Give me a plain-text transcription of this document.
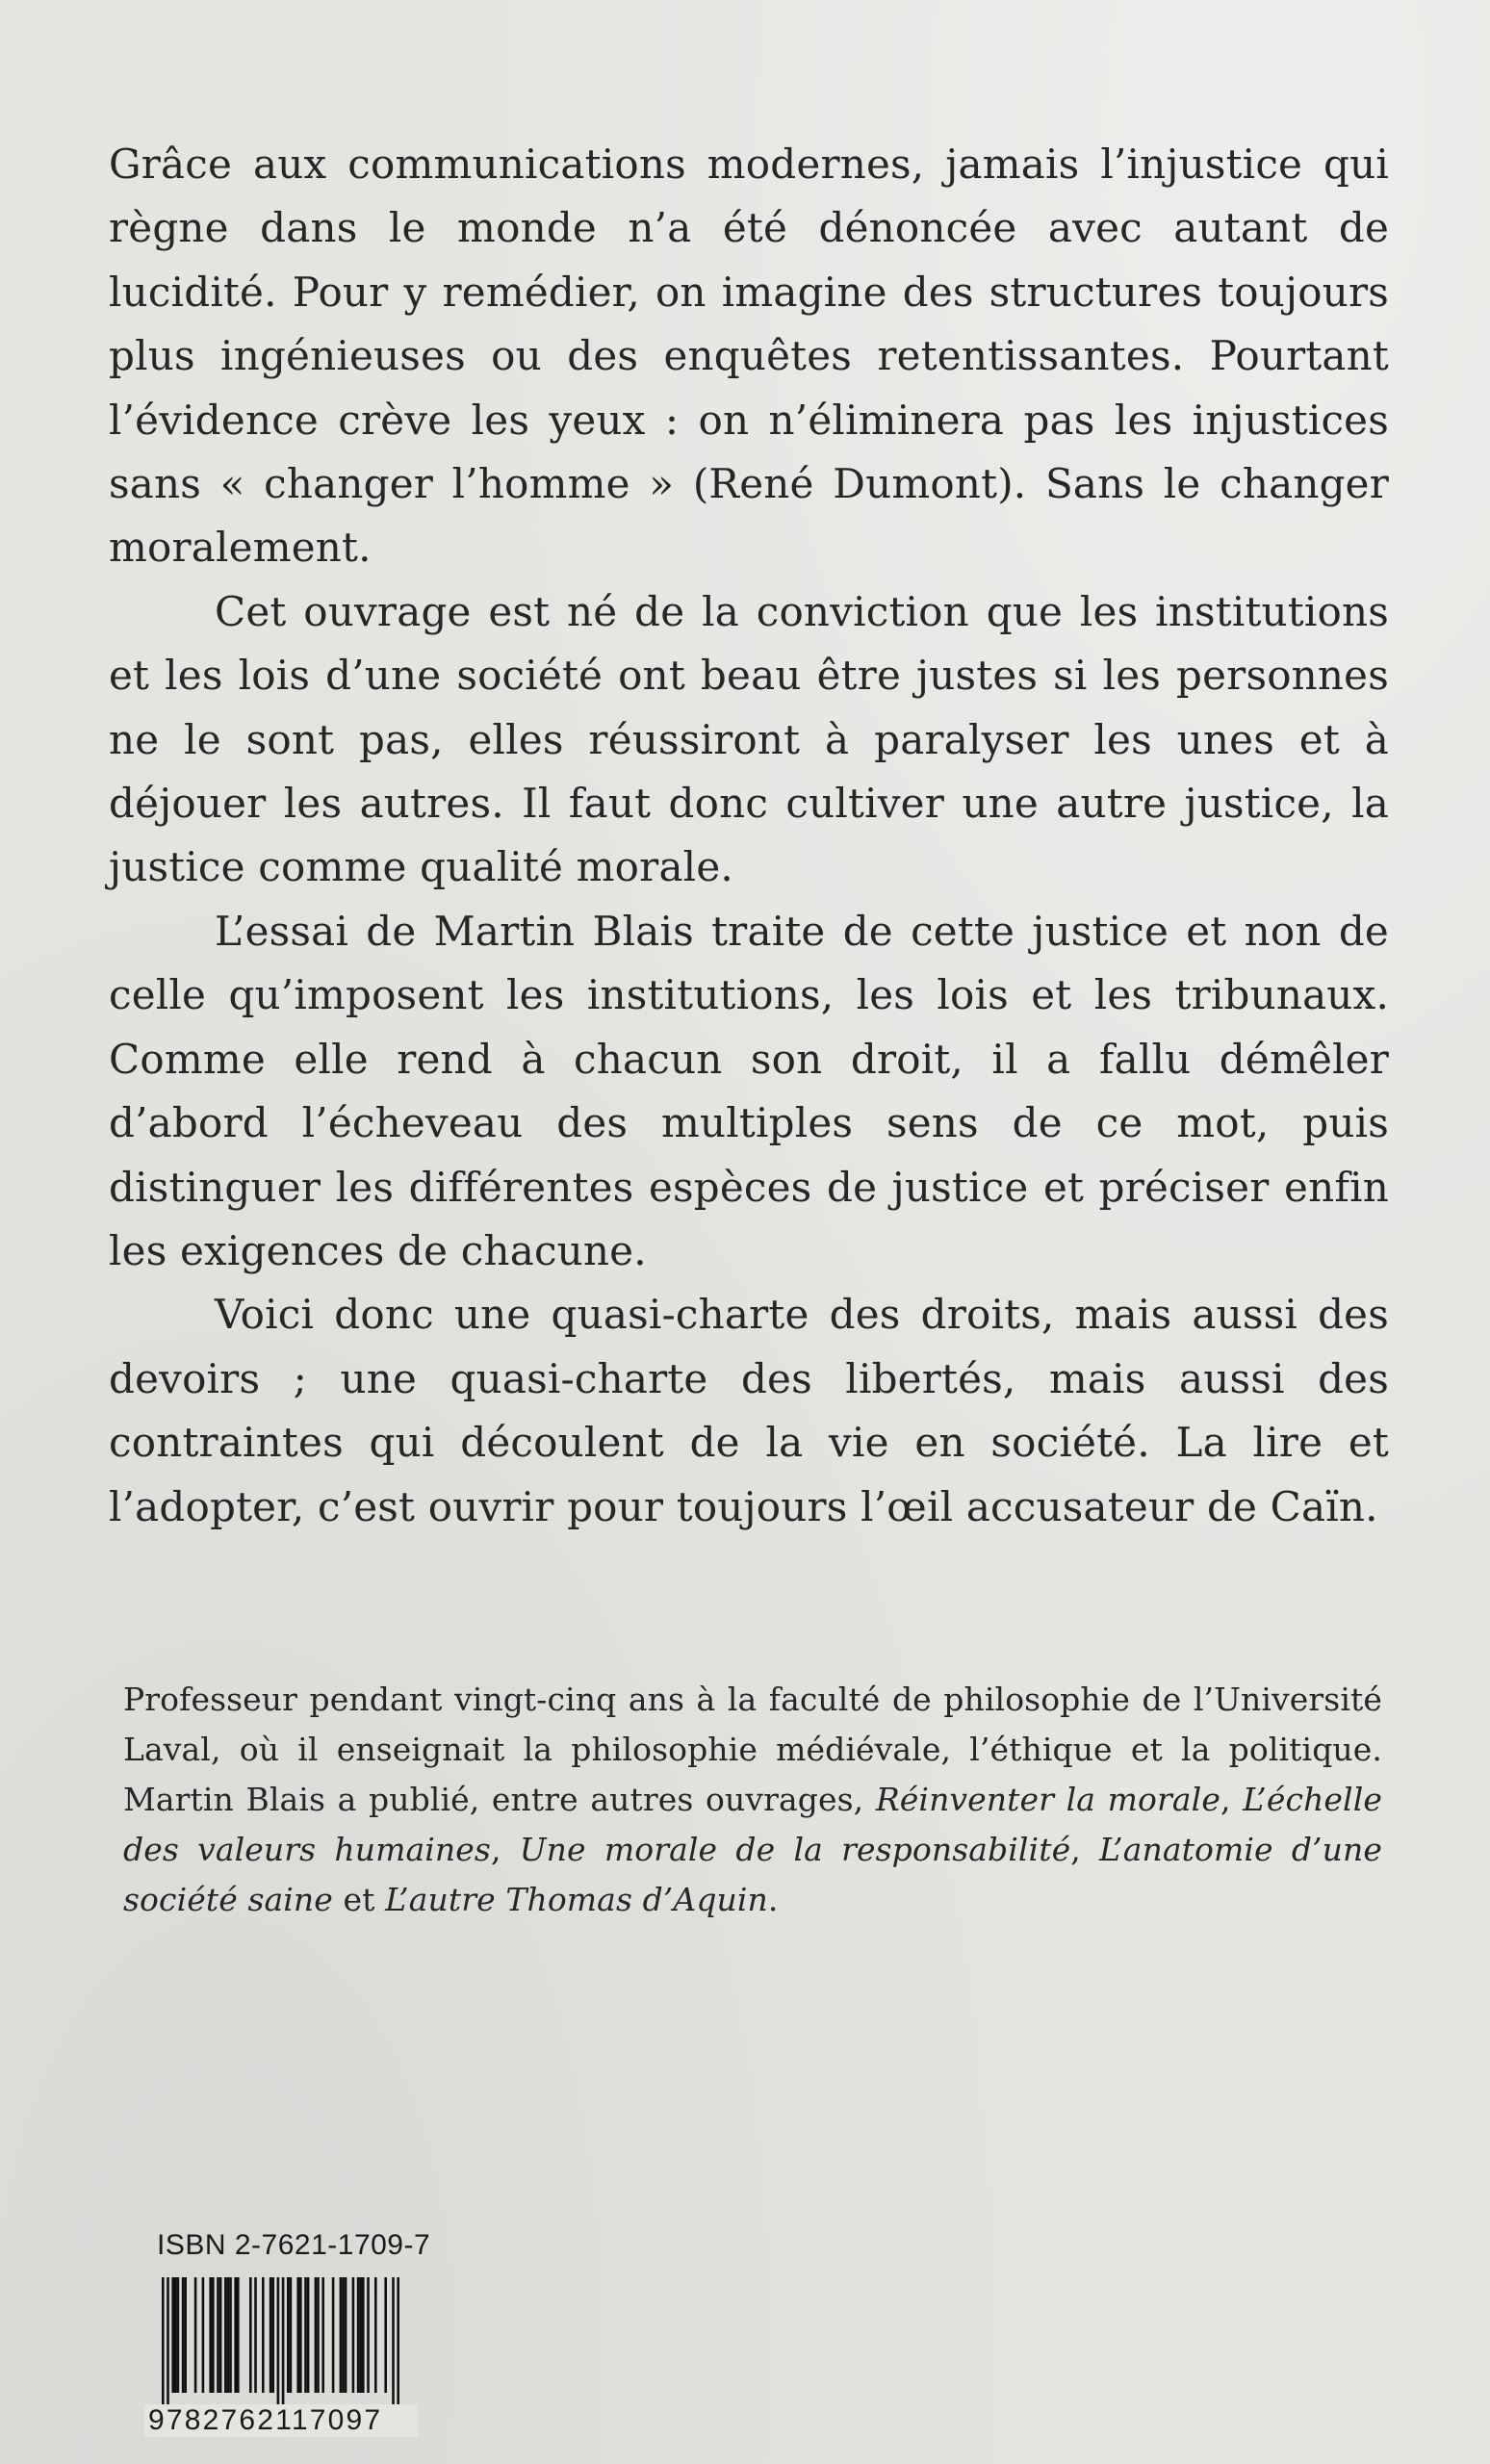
Grâce aux communications modernes, jamais l’injustice qui règne dans le monde n’a été dénoncée avec autant de lucidité. Pour y remédier, on imagine des structures toujours plus ingénieuses ou des enquêtes retentissantes. Pourtant l’évidence crève les yeux : on n’éliminera pas les injustices sans « changer l’homme » (René Dumont). Sans le changer moralement.

Cet ouvrage est né de la conviction que les institutions et les lois d’une société ont beau être justes si les personnes ne le sont pas, elles réussiront à paralyser les unes et à déjouer les autres. Il faut donc cultiver une autre justice, la justice comme qualité morale.

L’essai de Martin Blais traite de cette justice et non de celle qu’imposent les institutions, les lois et les tribunaux. Comme elle rend à chacun son droit, il a fallu démêler d’abord l’écheveau des multiples sens de ce mot, puis distinguer les différentes espèces de justice et préciser enfin les exigences de chacune.

Voici donc une quasi-charte des droits, mais aussi des devoirs ; une quasi-charte des libertés, mais aussi des contraintes qui découlent de la vie en société. La lire et l’adopter, c’est ouvrir pour toujours l’œil accusateur de Caïn.

Professeur pendant vingt-cinq ans à la faculté de philosophie de l’Université Laval, où il enseignait la philosophie médiévale, l’éthique et la politique. Martin Blais a publié, entre autres ouvrages, Réinventer la morale, L’échelle des valeurs humaines, Une morale de la responsabilité, L’anatomie d’une société saine et L’autre Thomas d’Aquin.

ISBN 2-7621-1709-7
9782762117097
